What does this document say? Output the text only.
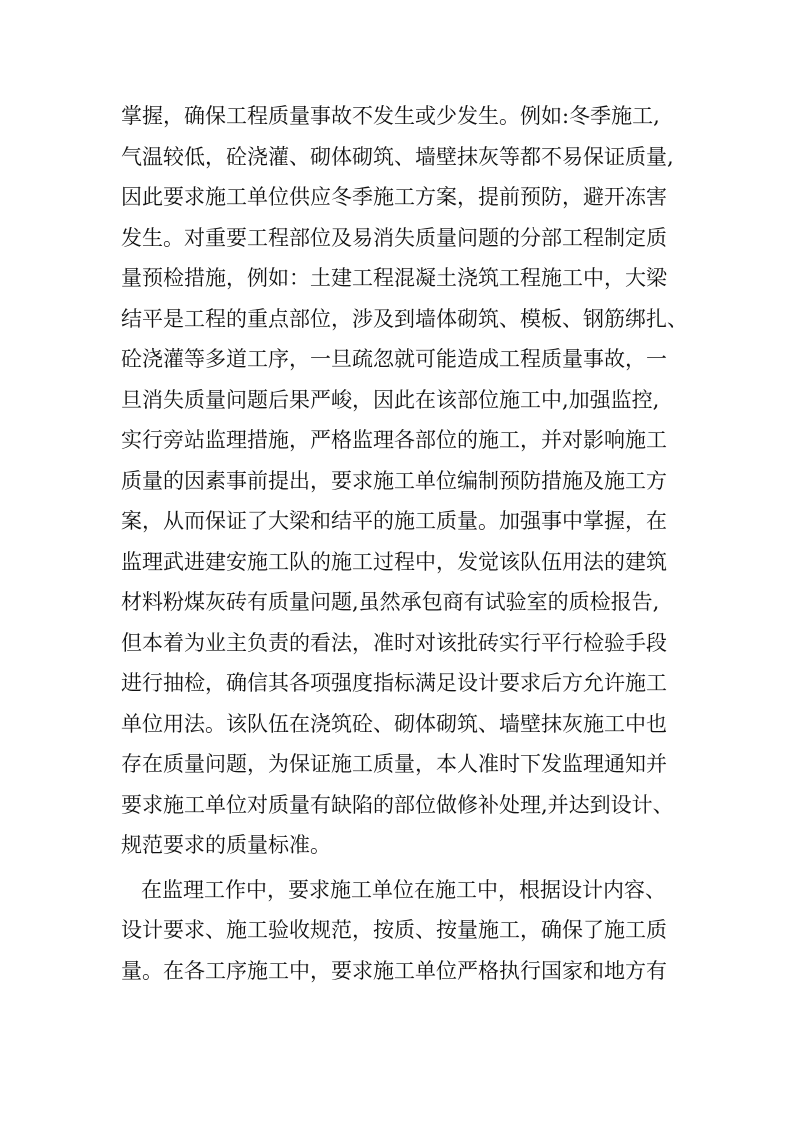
掌握，确保工程质量事故不发生或少发生。例如:冬季施工,
气温较低，砼浇灌、砌体砌筑、墙壁抹灰等都不易保证质量,
因此要求施工单位供应冬季施工方案，提前预防，避开冻害
发生。对重要工程部位及易消失质量问题的分部工程制定质
量预检措施，例如：土建工程混凝土浇筑工程施工中，大梁
结平是工程的重点部位，涉及到墙体砌筑、模板、钢筋绑扎、
砼浇灌等多道工序，一旦疏忽就可能造成工程质量事故，一
旦消失质量问题后果严峻，因此在该部位施工中,加强监控,
实行旁站监理措施，严格监理各部位的施工，并对影响施工
质量的因素事前提出，要求施工单位编制预防措施及施工方
案，从而保证了大梁和结平的施工质量。加强事中掌握，在
监理武进建安施工队的施工过程中，发觉该队伍用法的建筑
材料粉煤灰砖有质量问题,虽然承包商有试验室的质检报告,
但本着为业主负责的看法，准时对该批砖实行平行检验手段
进行抽检，确信其各项强度指标满足设计要求后方允许施工
单位用法。该队伍在浇筑砼、砌体砌筑、墙壁抹灰施工中也
存在质量问题，为保证施工质量，本人准时下发监理通知并
要求施工单位对质量有缺陷的部位做修补处理,并达到设计、
规范要求的质量标准。
在监理工作中，要求施工单位在施工中，根据设计内容、
设计要求、施工验收规范，按质、按量施工，确保了施工质
量。在各工序施工中，要求施工单位严格执行国家和地方有
